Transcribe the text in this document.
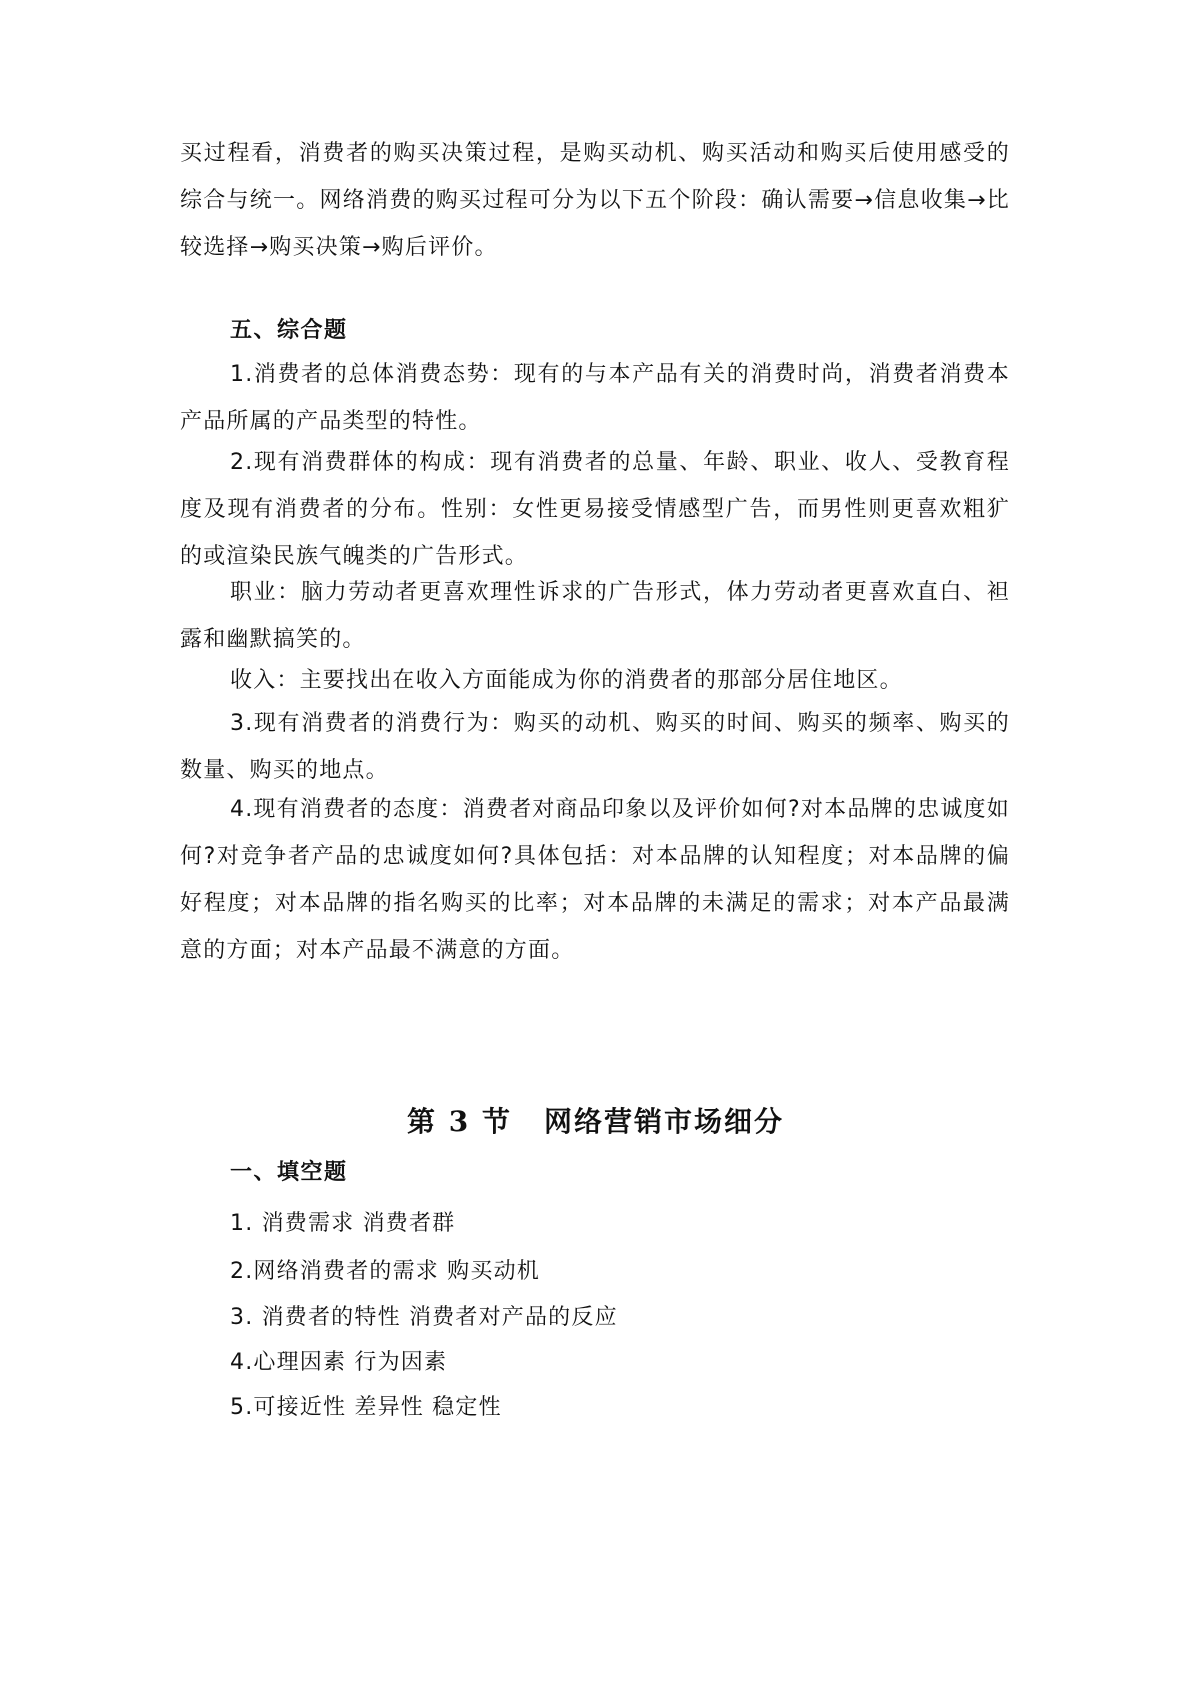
买过程看，消费者的购买决策过程，是购买动机、购买活动和购买后使用感受的综合与统一。网络消费的购买过程可分为以下五个阶段：确认需要→信息收集→比较选择→购买决策→购后评价。

五、综合题

1.消费者的总体消费态势：现有的与本产品有关的消费时尚，消费者消费本产品所属的产品类型的特性。

2.现有消费群体的构成：现有消费者的总量、年龄、职业、收人、受教育程度及现有消费者的分布。性别：女性更易接受情感型广告，而男性则更喜欢粗犷的或渲染民族气魄类的广告形式。

职业：脑力劳动者更喜欢理性诉求的广告形式，体力劳动者更喜欢直白、袒露和幽默搞笑的。

收入：主要找出在收入方面能成为你的消费者的那部分居住地区。

3.现有消费者的消费行为：购买的动机、购买的时间、购买的频率、购买的数量、购买的地点。

4.现有消费者的态度：消费者对商品印象以及评价如何?对本品牌的忠诚度如何?对竞争者产品的忠诚度如何?具体包括：对本品牌的认知程度；对本品牌的偏好程度；对本品牌的指名购买的比率；对本品牌的未满足的需求；对本产品最满意的方面；对本产品最不满意的方面。

第 3 节 网络营销市场细分
一、填空题

1. 消费需求 消费者群

2.网络消费者的需求 购买动机

3. 消费者的特性 消费者对产品的反应

4.心理因素 行为因素

5.可接近性 差异性 稳定性
